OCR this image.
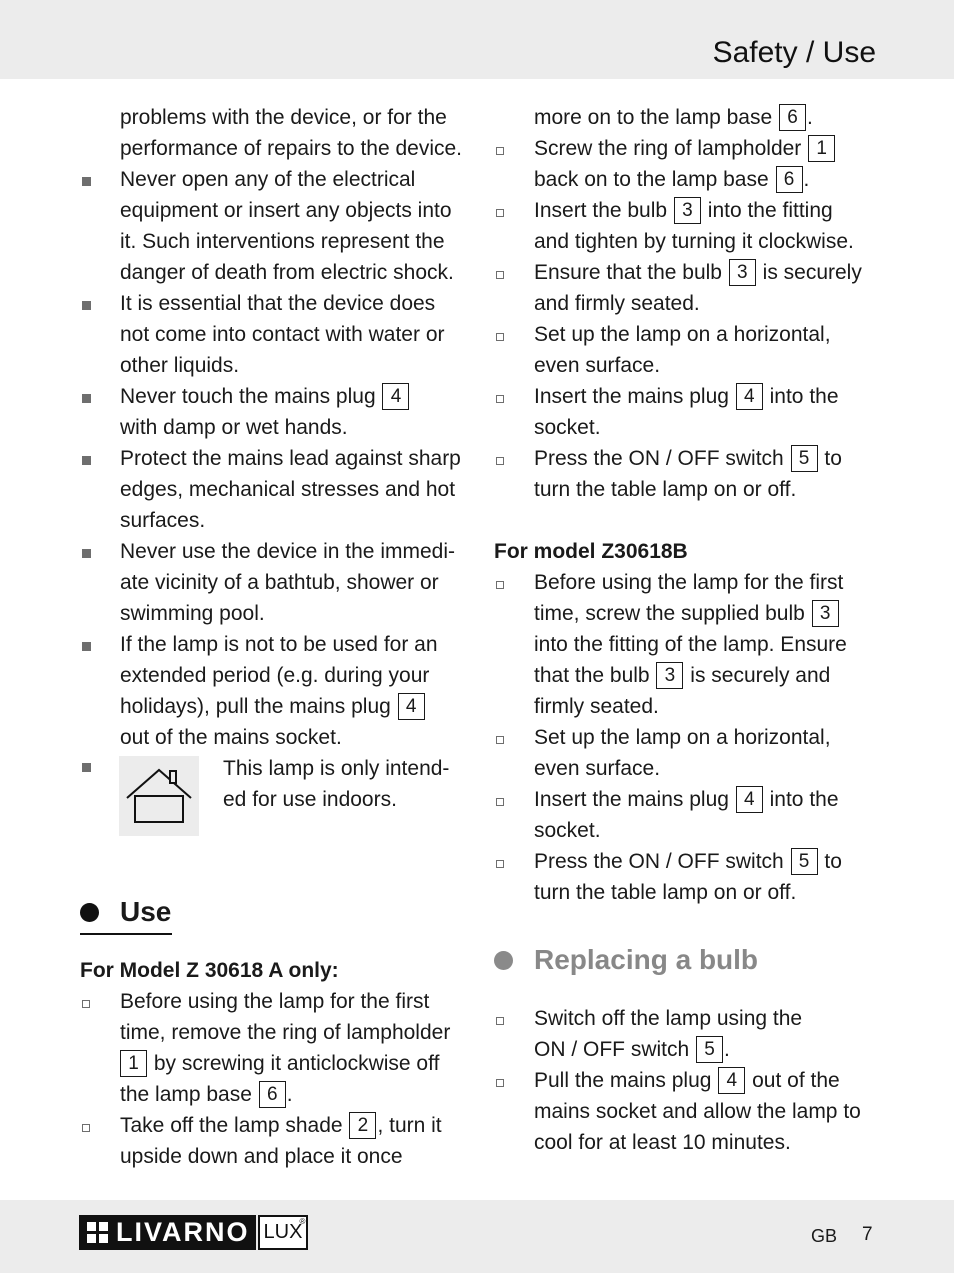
Safety / Use
problems with the device, or for the
performance of repairs to the device.
Never open any of the electrical
equipment or insert any objects into
it. Such interventions represent the
danger of death from electric shock.
It is essential that the device does
not come into contact with water or
other liquids.
Never touch the mains plug 4
with damp or wet hands.
Protect the mains lead against sharp
edges, mechanical stresses and hot
surfaces.
Never use the device in the immedi-
ate vicinity of a bathtub, shower or
swimming pool.
If the lamp is not to be used for an
extended period (e.g. during your
holidays), pull the mains plug 4
out of the mains socket.
This lamp is only intend-
ed for use indoors.
Use
For Model Z 30618 A only:
Before using the lamp for the first
time, remove the ring of lampholder
1 by screwing it anticlockwise off
the lamp base 6 .
Take off the lamp shade 2 , turn it
upside down and place it once
more on to the lamp base 6 .
Screw the ring of lampholder 1
back on to the lamp base 6 .
Insert the bulb 3 into the fitting
and tighten by turning it clockwise.
Ensure that the bulb 3 is securely
and firmly seated.
Set up the lamp on a horizontal,
even surface.
Insert the mains plug 4 into the
socket.
Press the ON / OFF switch 5 to
turn the table lamp on or off.
For model Z30618B
Before using the lamp for the first
time, screw the supplied bulb 3
into the fitting of the lamp. Ensure
that the bulb 3 is securely and
firmly seated.
Set up the lamp on a horizontal,
even surface.
Insert the mains plug 4 into the
socket.
Press the ON / OFF switch 5 to
turn the table lamp on or off.
Replacing a bulb
Switch off the lamp using the
ON / OFF switch 5 .
Pull the mains plug 4 out of the
mains socket and allow the lamp to
cool for at least 10 minutes.
LIVARNO LUX
®
GB 7
